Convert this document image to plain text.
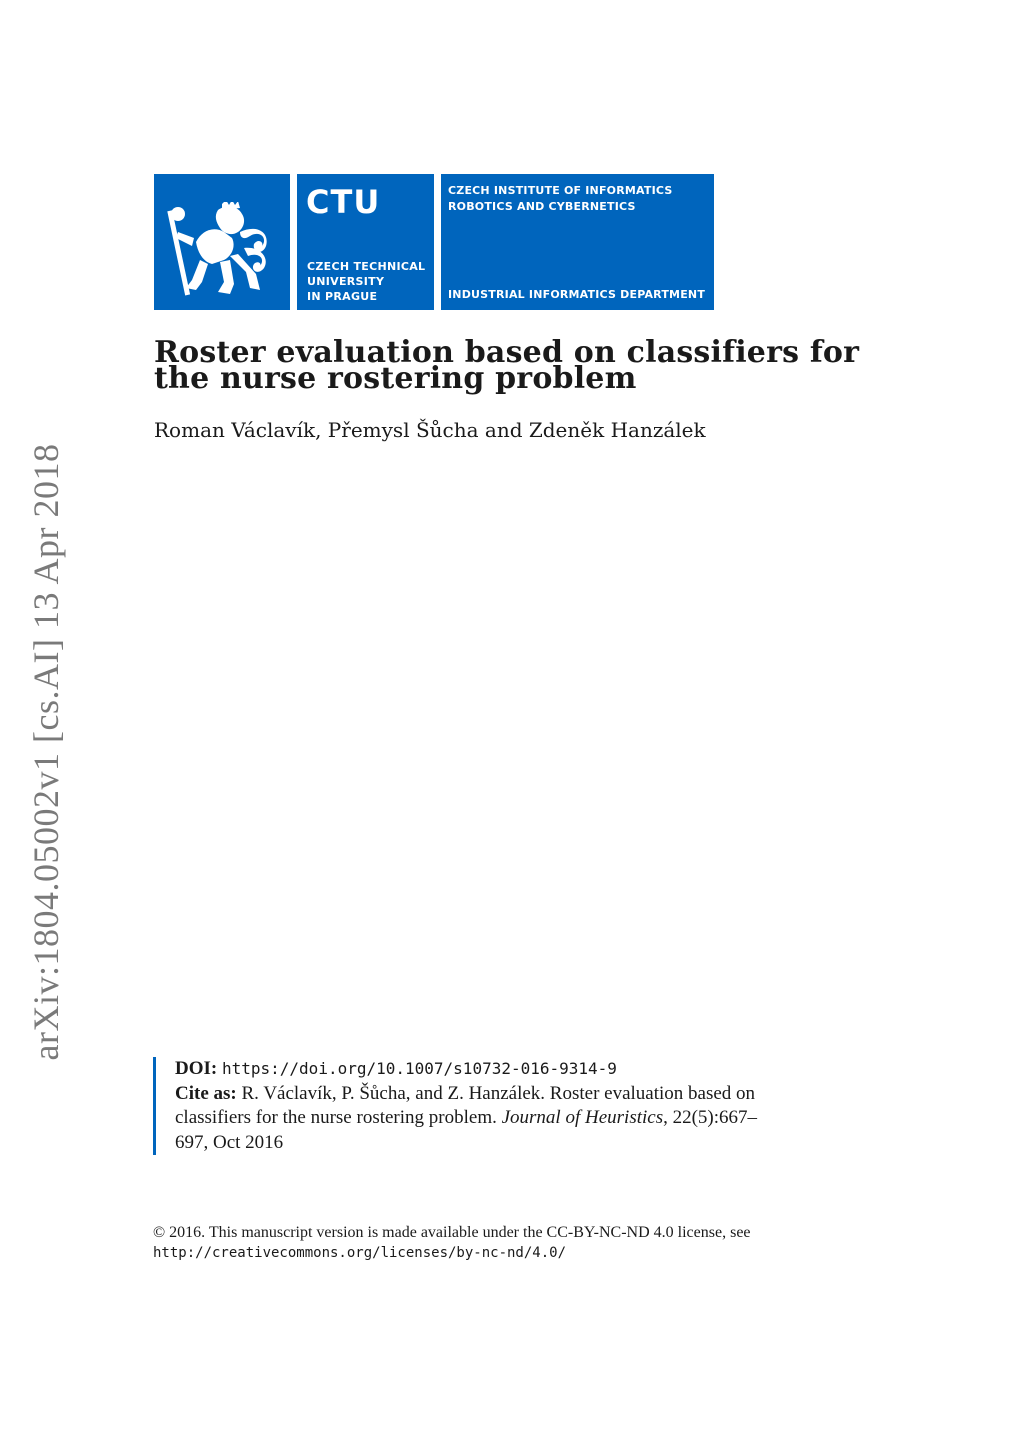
CTU
CZECH TECHNICAL
UNIVERSITY
IN PRAGUE
CZECH INSTITUTE OF INFORMATICS
ROBOTICS AND CYBERNETICS
INDUSTRIAL INFORMATICS DEPARTMENT
Roster evaluation based on classifiers for
the nurse rostering problem
Roman Václavík, Přemysl Šůcha and Zdeněk Hanzálek
arXiv:1804.05002v1 [cs.AI] 13 Apr 2018
DOI: https://doi.org/10.1007/s10732-016-9314-9
Cite as: R. Václavík, P. Šůcha, and Z. Hanzálek. Roster evaluation based on
classifiers for the nurse rostering problem. Journal of Heuristics, 22(5):667–
697, Oct 2016
© 2016. This manuscript version is made available under the CC-BY-NC-ND 4.0 license, see
http://creativecommons.org/licenses/by-nc-nd/4.0/
